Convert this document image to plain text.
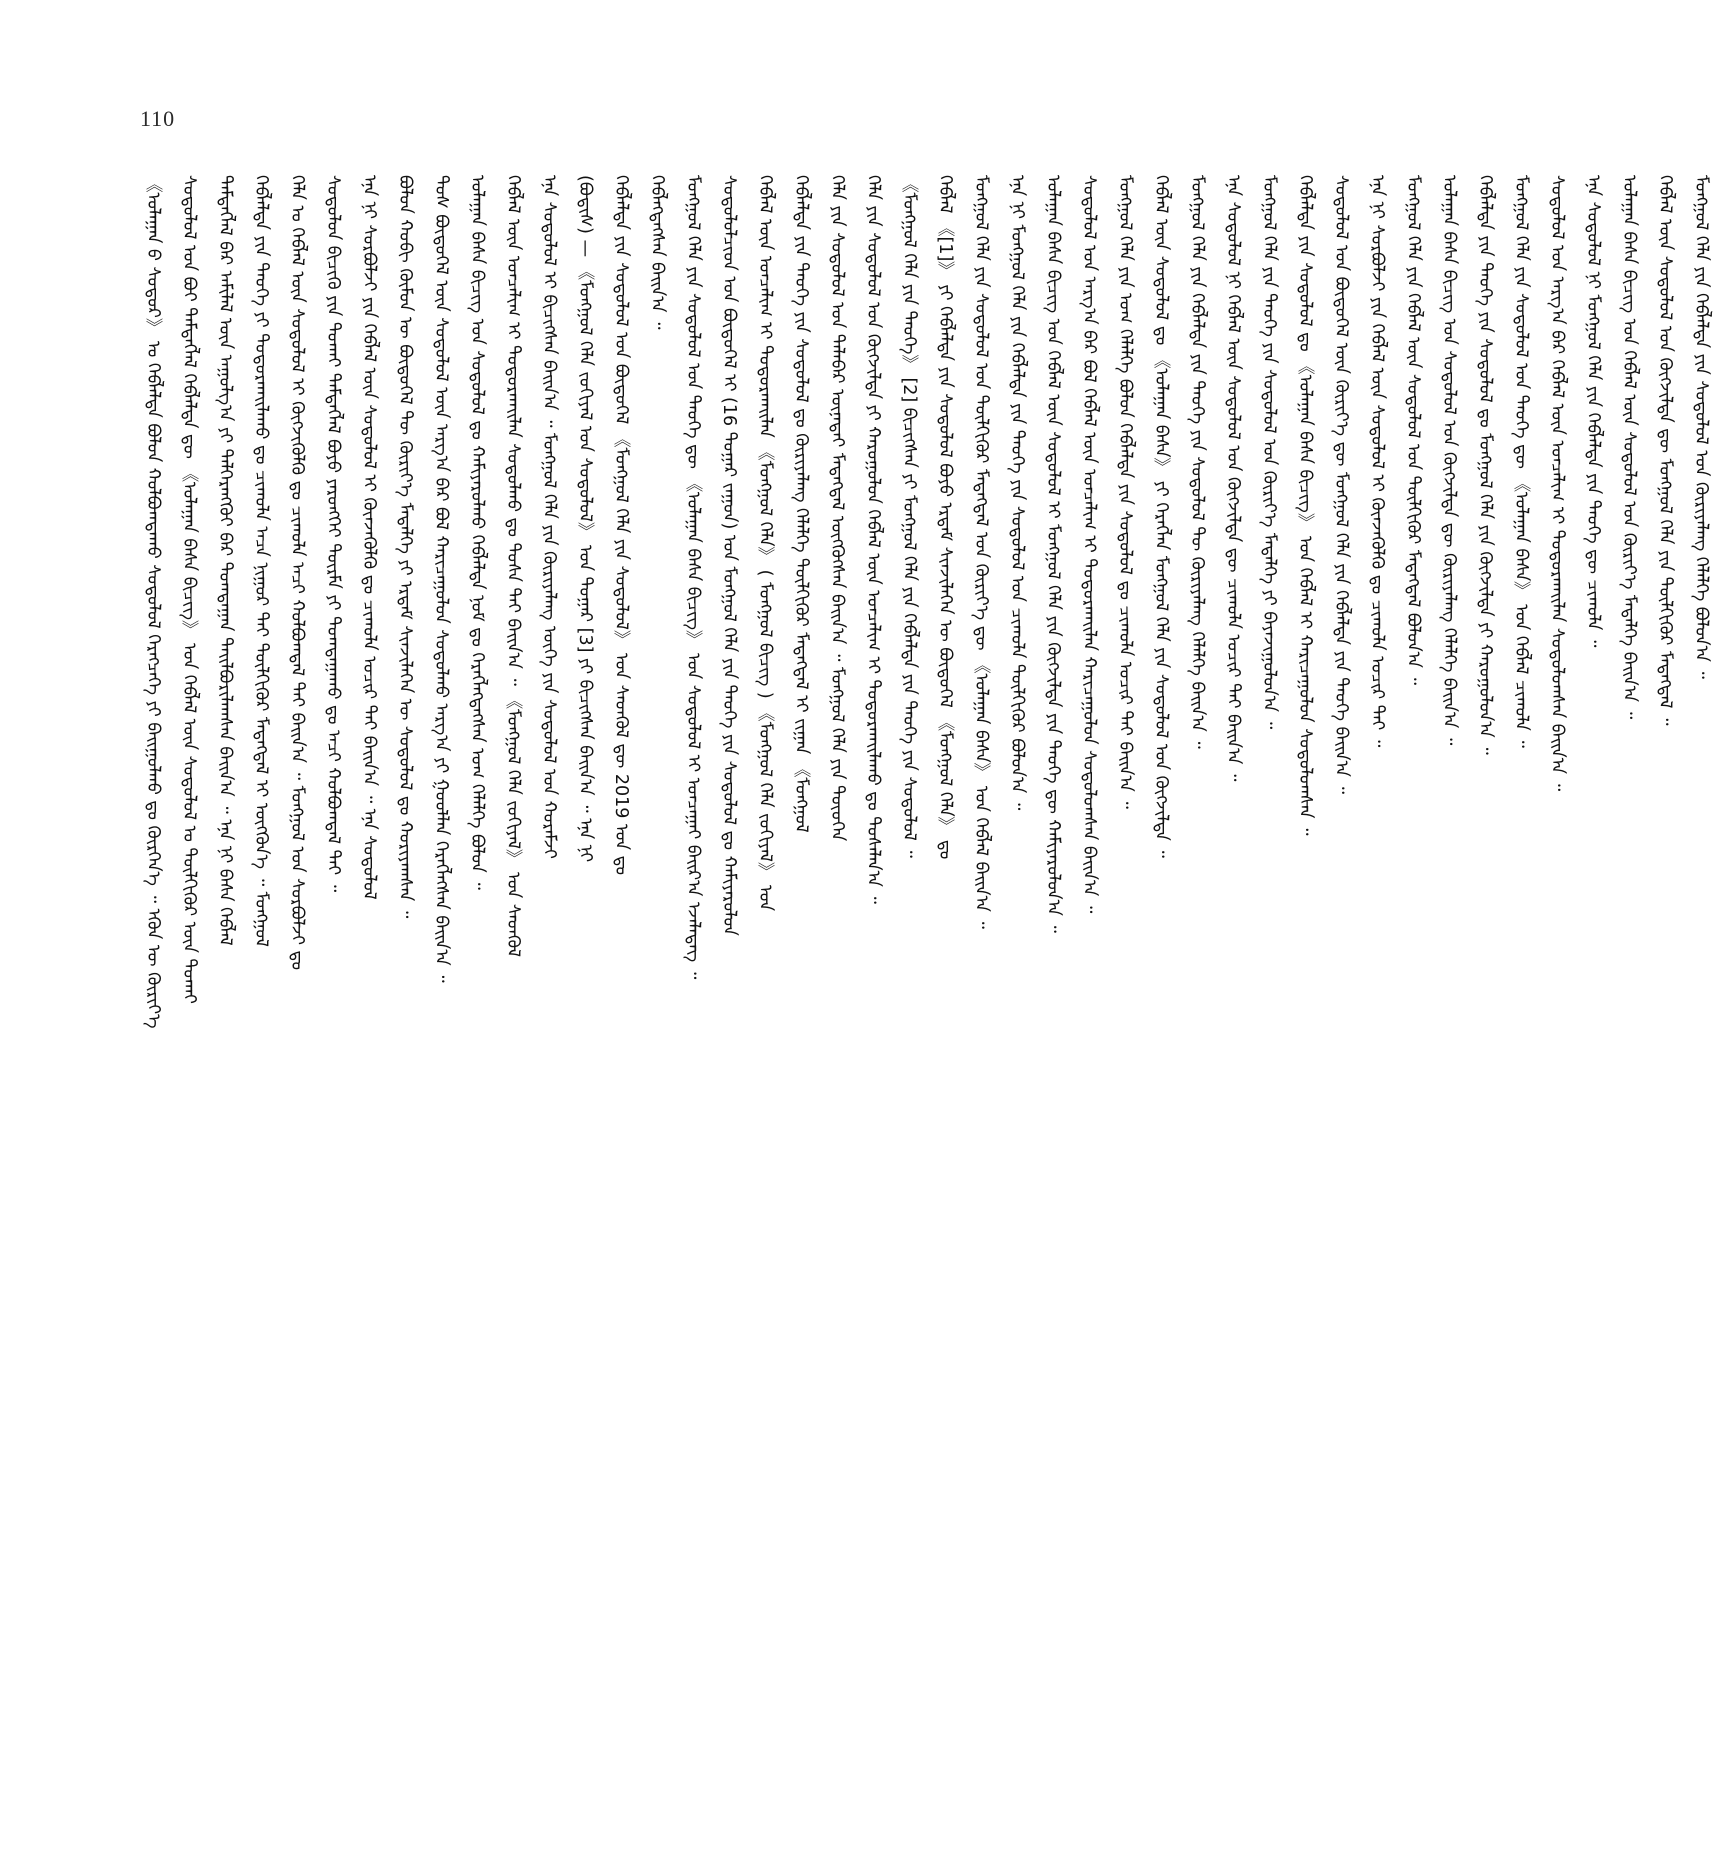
110
《ᠤᠯᠠᠭᠠᠨ ᠪ ᠰᠣᠳᠤᠷ》 ᠤ ᠬᠡᠪᠯᠡᠯᠲᠡ ᠪᠣᠯᠣᠨ ᠬᠣᠯᠪᠣᠭᠳᠠᠬᠤ ᠰᠤᠳᠤᠯᠤᠯ ᠬᠡᠷᠡᠭᠴᠡᠭᠡ ᠶᠢ ᠪᠠᠢᠭᠤᠯᠬᠤ ᠳᠤ ᠬᠦᠷᠭᠡᠨ᠎ᠡ ᠃ ᠡᠭᠦᠨ ᠦ ᠬᠦᠷᠢᠶ᠎ᠡ ᠰᠤᠳᠤᠯᠤᠯ ᠤᠨ ᠪᠤᠶ ᠲᠡᠮᠳᠡᠭᠯᠡᠯ ᠬᠡᠪᠯᠡᠯᠲᠡ ᠳᠦ 《ᠤᠯᠠᠭᠠᠨ ᠪᠠᠰᠠ ᠪᠢᠴᠢᠭ》 ᠤᠨ ᠬᠡᠪᠯᠡᠯ ᠦᠨ ᠰᠤᠳᠤᠯᠤᠯ ᠤ ᠲᠦᠯᠬᠢᠭᠦᠷ ᠦᠨ ᠲᠤᠬᠠᠢ ᠲᠡᠮᠳᠡᠭᠯᠡᠯ ᠪᠠᠷ ᠠᠮᠢᠯᠠᠯ ᠦᠨ ᠠᠭᠤᠯᠭ᠎ᠠ ᠶᠢ ᠳᠡᠯᠭᠡᠷᠡᠩᠭᠦᠢ ᠪᠡᠷ ᠲᠣᠭᠲᠠᠭᠠᠨ ᠲᠠᠢᠯᠪᠤᠷᠢᠯᠠᠭᠰᠠᠨ ᠪᠠᠢᠨ᠎ᠠ ᠃ ᠡᠨᠡ ᠨᠢ ᠪᠠᠰᠠ ᠬᠡᠪᠯᠡᠯ ᠬᠡᠪᠯᠡᠯᠲᠡ ᠶᠢᠨ ᠲᠡᠦᠬᠡ ᠶᠢ ᠲᠣᠳᠤᠷᠬᠠᠢᠯᠠᠬᠤ ᠳᠤ ᠴᠢᠬᠤᠯᠠ ᠠᠴᠠ ᠨᠢᠭᠤᠷ ᠲᠡᠢ ᠲᠦᠯᠬᠢᠭᠦᠷ ᠮᠡᠳᠡᠭᠳᠡᠯ ᠢ ᠦᠭᠭᠦᠨ᠎ᠡ ᠃ ᠮᠣᠩᠭᠣᠯ ᠬᠡᠯᠡ ᠤ ᠬᠡᠪᠯᠡᠯ ᠦᠨ ᠰᠤᠳᠤᠯᠤᠯ ᠢ ᠬᠥᠭᠵᠢᠭᠦᠯᠬᠦ ᠳᠤ ᠴᠢᠬᠤᠯᠠ ᠠᠴᠢ ᠬᠣᠯᠪᠣᠭᠳᠠᠯ ᠲᠠᠢ ᠪᠠᠢᠨ᠎ᠠ ᠃ ᠮᠣᠩᠭᠣᠯ ᠤᠨ ᠰᠤᠷᠪᠤᠯᠵᠢ ᠳᠤ ᠰᠤᠳᠤᠯᠤᠨ ᠪᠢᠴᠢᠬᠦ ᠶᠢᠨ ᠲᠤᠬᠠᠢ ᠲᠡᠮᠳᠡᠭᠯᠡᠯ ᠪᠤᠶᠤ ᠶᠡᠷᠦᠩᠬᠡᠢ ᠳᠦᠷᠮᠡ ᠶᠢ ᠲᠣᠭᠲᠠᠭᠠᠬᠤ ᠳᠤ ᠠᠴᠢ ᠬᠣᠯᠪᠣᠭᠳᠠᠯ ᠲᠠᠢ ᠃ ᠡᠨᠡ ᠨᠢ ᠰᠤᠷᠪᠤᠯᠵᠢ ᠶᠢᠨ ᠬᠡᠪᠯᠡᠯ ᠦᠨ ᠰᠤᠳᠤᠯᠤᠯ ᠢ ᠭᠦᠨᠵᠡᠭᠦᠯᠬᠦ ᠳᠤ ᠴᠢᠬᠤᠯᠠ ᠤᠴᠢᠷ ᠲᠠᠢ ᠪᠠᠢᠨ᠎ᠠ ᠃ ᠡᠨᠡ ᠰᠤᠳᠤᠯᠤᠯ ᠪᠤᠯᠤᠨ ᠬᠤᠪᠢ ᠬᠦᠮᠦᠨ ᠦ ᠪᠦᠲᠦᠭᠡᠯ ᠲᠦ ᠬᠦᠷᠢᠶ᠎ᠡ ᠮᠡᠳᠡᠯᠭᠡ ᠶᠢ ᠡᠷᠳᠡᠮ ᠰᠢᠨᠵᠢᠯᠡᠭᠡᠨ ᠦ ᠰᠤᠳᠤᠯᠤᠯ ᠳᠤ ᠬᠤᠷᠢᠶᠠᠭᠰᠠᠨ ᠃ ᠲᠤᠰ ᠪᠦᠲᠦᠭᠡᠯ ᠦᠨ ᠰᠤᠳᠤᠯᠤᠯ ᠦᠨ ᠠᠷᠭ᠎ᠠ ᠪᠠᠷ ᠪᠤᠯ ᠬᠠᠷᠢᠴᠠᠭᠤᠯᠤᠨ ᠰᠤᠳᠤᠯᠬᠤ ᠠᠷᠭ᠎ᠠ ᠶᠢ ᠭᠣᠣᠯᠯᠠᠨ ᠬᠡᠷᠡᠭᠯᠡᠭᠰᠡᠨ ᠪᠠᠢᠨ᠎ᠠ ᠃ ᠤᠯᠠᠭᠠᠨ ᠪᠠᠰᠠ ᠪᠢᠴᠢᠭ ᠤᠨ ᠰᠤᠳᠤᠯᠤᠯ ᠳᠤ ᠬᠠᠮᠢᠶᠠᠷᠤᠯᠬᠤ ᠬᠡᠪᠯᠡᠯᠲᠡ ᠨᠣᠮ ᠳᠤ ᠬᠡᠷᠡᠭᠯᠡᠭᠳᠡᠭᠰᠡᠨ ᠤᠭ ᠬᠡᠯᠡᠯᠭᠡ ᠪᠣᠯᠤᠨ ᠃ ᠬᠡᠪᠯᠡᠯ ᠦᠨ ᠣᠨᠴᠠᠯᠢᠭ ᠢ ᠲᠣᠳᠤᠷᠬᠠᠢᠯᠠᠨ ᠰᠤᠳᠤᠯᠬᠤ ᠳᠤ ᠲᠤᠰᠠ ᠲᠠᠢ ᠪᠠᠢᠨ᠎ᠠ ᠃ 《ᠮᠣᠩᠭᠣᠯ ᠬᠡᠯᠡ ᠵᠣᠬᠢᠶᠠᠯ》 ᠤᠨ ᠰᠡᠳᠬᠦᠯ ᠡᠨᠡ ᠰᠤᠳᠤᠯᠤᠯ ᠢ ᠪᠢᠴᠢᠭᠰᠡᠨ ᠪᠠᠢᠨ᠎ᠠ ᠃ ᠮᠣᠩᠭᠣᠯ ᠬᠡᠯᠡ ᠶᠢᠨ ᠬᠦᠷᠢᠶᠡᠯᠡᠩ ᠦᠭᠡ ᠶᠢᠨ ᠰᠤᠳᠤᠯᠤᠯ ᠤᠨ ᠬᠤᠷᠠᠮᠵᠢ (ᠪᠣᠳᠢᠰ) — 《ᠮᠣᠩᠭᠣᠯ ᠬᠡᠯᠡ ᠵᠣᠬᠢᠶᠠᠯ ᠤᠨ ᠰᠤᠳᠤᠯᠤᠯ》 ᠤᠨ ᠳᠤᠭᠠᠷ [3] ᠶᠢ ᠪᠢᠴᠢᠭᠰᠡᠨ ᠪᠠᠢᠨ᠎ᠠ ᠃ ᠡᠨᠡ ᠨᠢ ᠬᠡᠪᠯᠡᠯᠲᠡ ᠶᠢᠨ ᠰᠤᠳᠤᠯᠤᠯ ᠤᠨ ᠪᠦᠲᠦᠭᠡᠯ 《ᠮᠣᠩᠭᠣᠯ ᠬᠡᠯᠡ ᠶᠢᠨ ᠰᠤᠳᠤᠯᠤᠯ》 ᠤᠨ ᠰᠡᠳᠬᠦᠯ ᠳᠦ 2019 ᠣᠨ ᠳᠤ ᠬᠡᠪᠯᠡᠭᠳᠡᠭᠰᠡᠨ ᠪᠠᠢᠨ᠎ᠠ ᠃ ᠮᠣᠩᠭᠣᠯ ᠬᠡᠯᠡ ᠶᠢᠨ ᠰᠤᠳᠤᠯᠤᠯ ᠤᠨ ᠲᠡᠦᠬᠡ ᠳᠦ 《ᠤᠯᠠᠭᠠᠨ ᠪᠠᠰᠠ ᠪᠢᠴᠢᠭ》 ᠤᠨ ᠰᠤᠳᠤᠯᠤᠯ ᠢ ᠣᠨᠴᠠᠭᠠᠢ ᠪᠠᠢᠷ᠎ᠠ ᠡᠵᠡᠯᠡᠳᠡᠭ ᠃ ᠰᠤᠳᠤᠯᠤᠯᠴᠢᠳ ᠤᠨ ᠪᠦᠲᠦᠭᠡᠯ ᠢ (16 ᠳᠤᠭᠠᠷ ᠵᠠᠭᠤᠨ) ᠤᠨ ᠮᠣᠩᠭᠣᠯ ᠬᠡᠯᠡ ᠶᠢᠨ ᠲᠡᠦᠬᠡ ᠶᠢᠨ ᠰᠤᠳᠤᠯᠤᠯ ᠳᠤ ᠬᠠᠮᠢᠶᠠᠷᠤᠯᠤᠨ ᠬᠡᠪᠯᠡᠯ ᠦᠨ ᠣᠨᠴᠠᠯᠢᠭ ᠢ ᠲᠣᠳᠤᠷᠬᠠᠢᠯᠠᠨ 《ᠮᠣᠩᠭᠣᠯ ᠬᠡᠯᠡ》 ( ᠮᠣᠩᠭᠣᠯ ᠪᠢᠴᠢᠭ ) 《ᠮᠣᠩᠭᠣᠯ ᠬᠡᠯᠡ ᠵᠣᠬᠢᠶᠠᠯ》 ᠤᠨ ᠬᠡᠪᠯᠡᠯᠲᠡ ᠶᠢᠨ ᠲᠡᠦᠬᠡ ᠶᠢᠨ ᠰᠤᠳᠤᠯᠤᠯ ᠳᠤ ᠬᠦᠷᠢᠶᠡᠯᠡᠩ ᠬᠡᠯᠡᠯᠭᠡ ᠲᠦᠯᠬᠢᠭᠦᠷ ᠮᠡᠳᠡᠭᠳᠡᠯ ᠢ ᠵᠢᠭᠠᠨ 《ᠮᠣᠩᠭᠣᠯ ᠬᠡᠯᠡ ᠶᠢᠨ ᠰᠤᠳᠤᠯᠤᠯ ᠤᠨ ᠲᠠᠯᠠᠪᠠᠷ ᠦᠨᠡᠲᠡᠢ ᠮᠡᠳᠡᠭᠳᠡᠯ ᠦᠭᠭᠦᠭᠰᠡᠨ ᠪᠠᠢᠨ᠎ᠠ ᠃ ᠮᠣᠩᠭᠣᠯ ᠬᠡᠯᠡ ᠶᠢᠨ ᠲᠦᠦᠬᠡᠨ ᠬᠡᠯᠡ ᠶᠢᠨ ᠰᠤᠳᠤᠯᠤᠯ ᠤᠨ ᠬᠥᠭᠵᠢᠯᠲᠡ ᠶᠢ ᠬᠠᠷᠤᠭᠤᠯᠤᠨ ᠬᠡᠪᠯᠡᠯ ᠦᠨ ᠣᠨᠴᠠᠯᠢᠭ ᠢ ᠲᠣᠳᠤᠷᠬᠠᠢᠯᠠᠬᠤ ᠳᠤ ᠲᠤᠰᠠᠯᠠᠨ᠎ᠠ ᠃ 《ᠮᠣᠩᠭᠣᠯ ᠬᠡᠯᠡ ᠶᠢᠨ ᠲᠡᠦᠬᠡ》 [2] ᠪᠢᠴᠢᠭᠰᠡᠨ ᠶᠢ ᠮᠣᠩᠭᠣᠯ ᠬᠡᠯᠡ ᠶᠢᠨ ᠬᠡᠪᠯᠡᠯᠲᠡ ᠶᠢᠨ ᠲᠡᠦᠬᠡ ᠶᠢᠨ ᠰᠤᠳᠤᠯᠤᠯ ᠃ ᠬᠡᠪᠯᠡᠯ 《[1]》 ᠶᠢ ᠬᠡᠪᠯᠡᠯᠲᠡ ᠶᠢᠨ ᠰᠤᠳᠤᠯᠤᠯ ᠪᠤᠶᠤ ᠡᠷᠳᠡᠮ ᠰᠢᠨᠵᠢᠯᠡᠭᠡᠨ ᠦ ᠪᠦᠲᠦᠭᠡᠯ 《ᠮᠣᠩᠭᠣᠯ ᠬᠡᠯᠡ》 ᠳᠤ ᠮᠣᠩᠭᠣᠯ ᠬᠡᠯᠡ ᠶᠢᠨ ᠰᠤᠳᠤᠯᠤᠯ ᠤᠨ ᠲᠦᠯᠬᠢᠭᠦᠷ ᠮᠡᠳᠡᠭᠳᠡᠯ ᠤᠨ ᠬᠦᠷᠢᠶ᠎ᠡ ᠳᠦ 《ᠤᠯᠠᠭᠠᠨ ᠪᠠᠰᠠ》 ᠤᠨ ᠬᠡᠪᠯᠡᠯ ᠪᠠᠢᠨ᠎ᠠ ᠃ ᠡᠨᠡ ᠨᠢ ᠮᠣᠩᠭᠣᠯ ᠬᠡᠯᠡ ᠶᠢᠨ ᠬᠡᠪᠯᠡᠯᠲᠡ ᠶᠢᠨ ᠲᠡᠦᠬᠡ ᠶᠢᠨ ᠰᠤᠳᠤᠯᠤᠯ ᠤᠨ ᠴᠢᠬᠤᠯᠠ ᠲᠦᠯᠬᠢᠭᠦᠷ ᠪᠣᠯᠤᠨ᠎ᠠ ᠃ ᠤᠯᠠᠭᠠᠨ ᠪᠠᠰᠠ ᠪᠢᠴᠢᠭ ᠤᠨ ᠬᠡᠪᠯᠡᠯ ᠦᠨ ᠰᠤᠳᠤᠯᠤᠯ ᠢ ᠮᠣᠩᠭᠣᠯ ᠬᠡᠯᠡ ᠶᠢᠨ ᠬᠥᠭᠵᠢᠯᠲᠡ ᠶᠢᠨ ᠲᠡᠦᠬᠡ ᠳᠦ ᠬᠠᠮᠢᠶᠠᠷᠤᠯᠤᠨ᠎ᠠ ᠃ ᠰᠤᠳᠤᠯᠤᠯ ᠤᠨ ᠠᠷᠭ᠎ᠠ ᠪᠠᠷ ᠪᠤᠯ ᠬᠡᠪᠯᠡᠯ ᠦᠨ ᠣᠨᠴᠠᠯᠢᠭ ᠢ ᠲᠣᠳᠤᠷᠬᠠᠢᠯᠠᠨ ᠬᠠᠷᠢᠴᠠᠭᠤᠯᠤᠨ ᠰᠤᠳᠤᠯᠤᠭᠰᠠᠨ ᠪᠠᠢᠨ᠎ᠠ ᠃ ᠮᠣᠩᠭᠣᠯ ᠬᠡᠯᠡ ᠶᠢᠨ ᠤᠭ ᠬᠡᠯᠡᠯᠭᠡ ᠪᠣᠯᠤᠨ ᠬᠡᠪᠯᠡᠯᠲᠡ ᠶᠢᠨ ᠰᠤᠳᠤᠯᠤᠯ ᠳᠤ ᠴᠢᠬᠤᠯᠠ ᠤᠴᠢᠷ ᠲᠠᠢ ᠪᠠᠢᠨ᠎ᠠ ᠃ ᠬᠡᠪᠯᠡᠯ ᠦᠨ ᠰᠤᠳᠤᠯᠤᠯ ᠳᠤ 《ᠤᠯᠠᠭᠠᠨ ᠪᠠᠰᠠ》 ᠶᠢ ᠬᠡᠷᠡᠭᠯᠡᠨ ᠮᠣᠩᠭᠣᠯ ᠬᠡᠯᠡ ᠶᠢᠨ ᠰᠤᠳᠤᠯᠤᠯ ᠤᠨ ᠬᠥᠭᠵᠢᠯᠲᠡ ᠃ ᠮᠣᠩᠭᠣᠯ ᠬᠡᠯᠡ ᠶᠢᠨ ᠬᠡᠪᠯᠡᠯᠲᠡ ᠶᠢᠨ ᠲᠡᠦᠬᠡ ᠶᠢᠨ ᠰᠤᠳᠤᠯᠤᠯ ᠲᠦ ᠬᠦᠷᠢᠶᠡᠯᠡᠩ ᠬᠡᠯᠡᠯᠭᠡ ᠪᠠᠢᠨ᠎ᠠ ᠃ ᠡᠨᠡ ᠰᠤᠳᠤᠯᠤᠯ ᠨᠢ ᠬᠡᠪᠯᠡᠯ ᠦᠨ ᠰᠤᠳᠤᠯᠤᠯ ᠤᠨ ᠬᠥᠭᠵᠢᠯᠲᠡ ᠳᠦ ᠴᠢᠬᠤᠯᠠ ᠤᠴᠢᠷ ᠲᠠᠢ ᠪᠠᠢᠨ᠎ᠠ ᠃ ᠮᠣᠩᠭᠣᠯ ᠬᠡᠯᠡ ᠶᠢᠨ ᠲᠡᠦᠬᠡ ᠶᠢᠨ ᠰᠤᠳᠤᠯᠤᠯ ᠤᠨ ᠬᠦᠷᠢᠶ᠎ᠡ ᠮᠡᠳᠡᠯᠭᠡ ᠶᠢ ᠪᠠᠶᠠᠵᠢᠭᠤᠯᠤᠨ᠎ᠠ ᠃ ᠬᠡᠪᠯᠡᠯᠲᠡ ᠶᠢᠨ ᠰᠤᠳᠤᠯᠤᠯ ᠳᠤ 《ᠤᠯᠠᠭᠠᠨ ᠪᠠᠰᠠ ᠪᠢᠴᠢᠭ》 ᠤᠨ ᠬᠡᠪᠯᠡᠯ ᠢ ᠬᠠᠷᠢᠴᠠᠭᠤᠯᠤᠨ ᠰᠤᠳᠤᠯᠤᠭᠰᠠᠨ ᠃ ᠰᠤᠳᠤᠯᠤᠯ ᠤᠨ ᠪᠦᠲᠦᠭᠡᠯ ᠦᠨ ᠬᠦᠷᠢᠶ᠎ᠡ ᠳᠦ ᠮᠣᠩᠭᠣᠯ ᠬᠡᠯᠡ ᠶᠢᠨ ᠬᠡᠪᠯᠡᠯᠲᠡ ᠶᠢᠨ ᠲᠡᠦᠬᠡ ᠪᠠᠢᠨ᠎ᠠ ᠃ ᠡᠨᠡ ᠨᠢ ᠰᠤᠷᠪᠤᠯᠵᠢ ᠶᠢᠨ ᠬᠡᠪᠯᠡᠯ ᠦᠨ ᠰᠤᠳᠤᠯᠤᠯ ᠢ ᠭᠦᠨᠵᠡᠭᠦᠯᠬᠦ ᠳᠤ ᠴᠢᠬᠤᠯᠠ ᠤᠴᠢᠷ ᠲᠠᠢ ᠃ ᠮᠣᠩᠭᠣᠯ ᠬᠡᠯᠡ ᠶᠢᠨ ᠬᠡᠪᠯᠡᠯ ᠦᠨ ᠰᠤᠳᠤᠯᠤᠯ ᠤᠨ ᠲᠦᠯᠬᠢᠭᠦᠷ ᠮᠡᠳᠡᠭᠳᠡᠯ ᠪᠣᠯᠤᠨ᠎ᠠ ᠃ ᠤᠯᠠᠭᠠᠨ ᠪᠠᠰᠠ ᠪᠢᠴᠢᠭ ᠤᠨ ᠰᠤᠳᠤᠯᠤᠯ ᠤᠨ ᠬᠥᠭᠵᠢᠯᠲᠡ ᠳᠦ ᠬᠦᠷᠢᠶᠡᠯᠡᠩ ᠬᠡᠯᠡᠯᠭᠡ ᠪᠠᠢᠨ᠎ᠠ ᠃ ᠬᠡᠪᠯᠡᠯᠲᠡ ᠶᠢᠨ ᠲᠡᠦᠬᠡ ᠶᠢᠨ ᠰᠤᠳᠤᠯᠤᠯ ᠳᠤ ᠮᠣᠩᠭᠣᠯ ᠬᠡᠯᠡ ᠶᠢᠨ ᠬᠥᠭᠵᠢᠯᠲᠡ ᠶᠢ ᠬᠠᠷᠤᠭᠤᠯᠤᠨ᠎ᠠ ᠃ ᠮᠣᠩᠭᠣᠯ ᠬᠡᠯᠡ ᠶᠢᠨ ᠰᠤᠳᠤᠯᠤᠯ ᠤᠨ ᠲᠡᠦᠬᠡ ᠳᠦ 《ᠤᠯᠠᠭᠠᠨ ᠪᠠᠰᠠ》 ᠤᠨ ᠬᠡᠪᠯᠡᠯ ᠴᠢᠬᠤᠯᠠ ᠃ ᠰᠤᠳᠤᠯᠤᠯ ᠤᠨ ᠠᠷᠭ᠎ᠠ ᠪᠠᠷ ᠬᠡᠪᠯᠡᠯ ᠦᠨ ᠣᠨᠴᠠᠯᠢᠭ ᠢ ᠲᠣᠳᠤᠷᠬᠠᠢᠯᠠᠨ ᠰᠤᠳᠤᠯᠤᠭᠰᠠᠨ ᠪᠠᠢᠨ᠎ᠠ ᠃ ᠡᠨᠡ ᠰᠤᠳᠤᠯᠤᠯ ᠨᠢ ᠮᠣᠩᠭᠣᠯ ᠬᠡᠯᠡ ᠶᠢᠨ ᠬᠡᠪᠯᠡᠯᠲᠡ ᠶᠢᠨ ᠲᠡᠦᠬᠡ ᠳᠦ ᠴᠢᠬᠤᠯᠠ ᠃ ᠤᠯᠠᠭᠠᠨ ᠪᠠᠰᠠ ᠪᠢᠴᠢᠭ ᠤᠨ ᠬᠡᠪᠯᠡᠯ ᠦᠨ ᠰᠤᠳᠤᠯᠤᠯ ᠤᠨ ᠬᠦᠷᠢᠶ᠎ᠡ ᠮᠡᠳᠡᠯᠭᠡ ᠪᠠᠢᠨ᠎ᠠ ᠃ ᠬᠡᠪᠯᠡᠯ ᠦᠨ ᠰᠤᠳᠤᠯᠤᠯ ᠤᠨ ᠬᠥᠭᠵᠢᠯᠲᠡ ᠳᠦ ᠮᠣᠩᠭᠣᠯ ᠬᠡᠯᠡ ᠶᠢᠨ ᠲᠦᠯᠬᠢᠭᠦᠷ ᠮᠡᠳᠡᠭᠳᠡᠯ ᠃ ᠮᠣᠩᠭᠣᠯ ᠬᠡᠯᠡ ᠶᠢᠨ ᠬᠡᠪᠯᠡᠯᠲᠡ ᠶᠢᠨ ᠰᠤᠳᠤᠯᠤᠯ ᠤᠨ ᠬᠦᠷᠢᠶᠡᠯᠡᠩ ᠬᠡᠯᠡᠯᠭᠡ ᠪᠣᠯᠤᠨ᠎ᠠ ᠃
